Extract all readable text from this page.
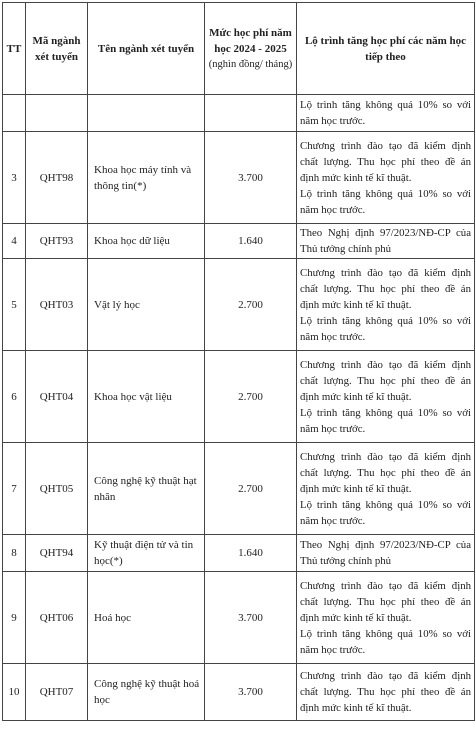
TT	Mã ngành xét tuyển	Tên ngành xét tuyển	Mức học phí năm học 2024 - 2025
(nghìn đồng/ tháng)	Lộ trình tăng học phí các năm học tiếp theo

				Lộ trình tăng không quá 10% so với năm học trước.

3	QHT98	Khoa học máy tính và thông tin(*)	3.700	Chương trình đào tạo đã kiểm định chất lượng. Thu học phí theo đề án định mức kinh tế kĩ thuật.
Lộ trình tăng không quá 10% so với năm học trước.

4	QHT93	Khoa học dữ liệu	1.640	Theo Nghị định 97/2023/NĐ-CP của Thủ tướng chính phủ

5	QHT03	Vật lý học	2.700	Chương trình đào tạo đã kiểm định chất lượng. Thu học phí theo đề án định mức kinh tế kĩ thuật.
Lộ trình tăng không quá 10% so với năm học trước.

6	QHT04	Khoa học vật liệu	2.700	Chương trình đào tạo đã kiểm định chất lượng. Thu học phí theo đề án định mức kinh tế kĩ thuật.
Lộ trình tăng không quá 10% so với năm học trước.

7	QHT05	Công nghệ kỹ thuật hạt nhân	2.700	Chương trình đào tạo đã kiểm định chất lượng. Thu học phí theo đề án định mức kinh tế kĩ thuật.
Lộ trình tăng không quá 10% so với năm học trước.

8	QHT94	Kỹ thuật điện tử và tin học(*)	1.640	Theo Nghị định 97/2023/NĐ-CP của Thủ tướng chính phủ

9	QHT06	Hoá học	3.700	Chương trình đào tạo đã kiểm định chất lượng. Thu học phí theo đề án định mức kinh tế kĩ thuật.
Lộ trình tăng không quá 10% so với năm học trước.

10	QHT07	Công nghệ kỹ thuật hoá học	3.700	Chương trình đào tạo đã kiểm định chất lượng. Thu học phí theo đề án định mức kinh tế kĩ thuật.
